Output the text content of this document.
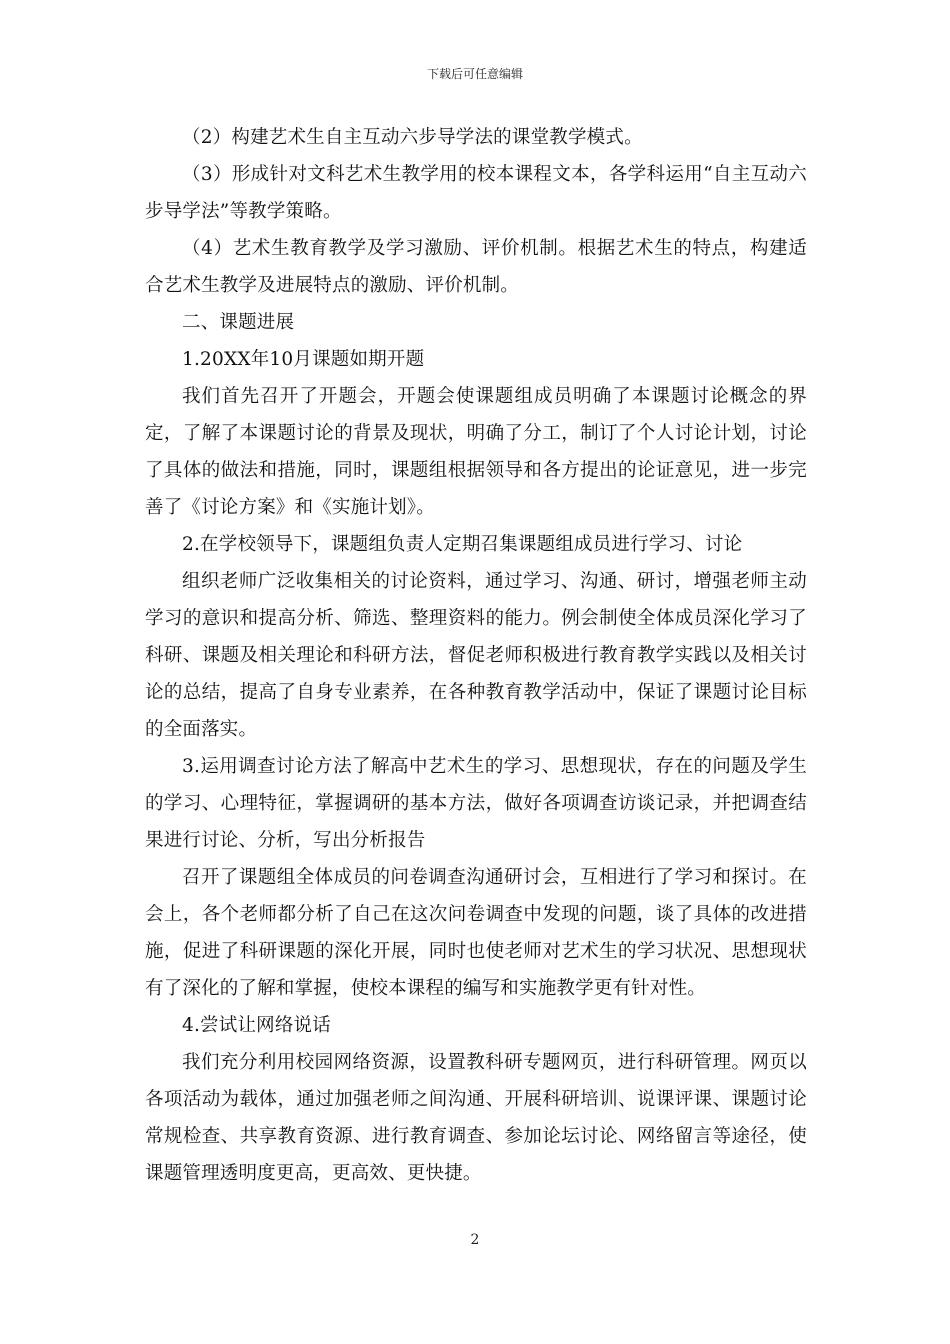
下载后可任意编辑

（2）构建艺术生自主互动六步导学法的课堂教学模式。

（3）形成针对文科艺术生教学用的校本课程文本，各学科运用“自主互动六步导学法”等教学策略。

（4）艺术生教育教学及学习激励、评价机制。根据艺术生的特点，构建适合艺术生教学及进展特点的激励、评价机制。

二、课题进展

1.20XX年10月课题如期开题

我们首先召开了开题会，开题会使课题组成员明确了本课题讨论概念的界定，了解了本课题讨论的背景及现状，明确了分工，制订了个人讨论计划，讨论了具体的做法和措施，同时，课题组根据领导和各方提出的论证意见，进一步完善了《讨论方案》和《实施计划》。

2.在学校领导下，课题组负责人定期召集课题组成员进行学习、讨论

组织老师广泛收集相关的讨论资料，通过学习、沟通、研讨，增强老师主动学习的意识和提高分析、筛选、整理资料的能力。例会制使全体成员深化学习了科研、课题及相关理论和科研方法，督促老师积极进行教育教学实践以及相关讨论的总结，提高了自身专业素养，在各种教育教学活动中，保证了课题讨论目标的全面落实。

3.运用调查讨论方法了解高中艺术生的学习、思想现状，存在的问题及学生的学习、心理特征，掌握调研的基本方法，做好各项调查访谈记录，并把调查结果进行讨论、分析，写出分析报告

召开了课题组全体成员的问卷调查沟通研讨会，互相进行了学习和探讨。在会上，各个老师都分析了自己在这次问卷调查中发现的问题，谈了具体的改进措施，促进了科研课题的深化开展，同时也使老师对艺术生的学习状况、思想现状有了深化的了解和掌握，使校本课程的编写和实施教学更有针对性。

4.尝试让网络说话

我们充分利用校园网络资源，设置教科研专题网页，进行科研管理。网页以各项活动为载体，通过加强老师之间沟通、开展科研培训、说课评课、课题讨论常规检查、共享教育资源、进行教育调查、参加论坛讨论、网络留言等途径，使课题管理透明度更高，更高效、更快捷。

2
